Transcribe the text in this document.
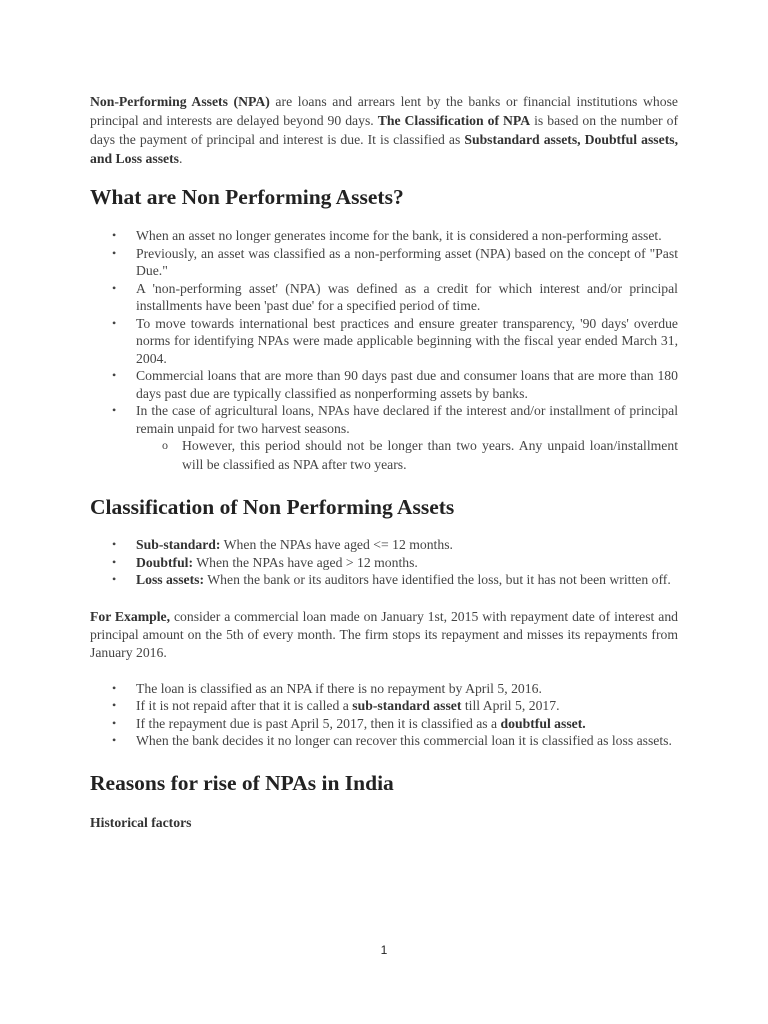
Non-Performing Assets (NPA) are loans and arrears lent by the banks or financial institutions whose principal and interests are delayed beyond 90 days. The Classification of NPA is based on the number of days the payment of principal and interest is due. It is classified as Substandard assets, Doubtful assets, and Loss assets.

What are Non Performing Assets?
• When an asset no longer generates income for the bank, it is considered a non-performing asset.
• Previously, an asset was classified as a non-performing asset (NPA) based on the concept of "Past Due."
• A 'non-performing asset' (NPA) was defined as a credit for which interest and/or principal installments have been 'past due' for a specified period of time.
• To move towards international best practices and ensure greater transparency, '90 days' overdue norms for identifying NPAs were made applicable beginning with the fiscal year ended March 31, 2004.
• Commercial loans that are more than 90 days past due and consumer loans that are more than 180 days past due are typically classified as nonperforming assets by banks.
• In the case of agricultural loans, NPAs have declared if the interest and/or installment of principal remain unpaid for two harvest seasons.
o However, this period should not be longer than two years. Any unpaid loan/installment will be classified as NPA after two years.
Classification of Non Performing Assets
• Sub-standard: When the NPAs have aged <= 12 months.
• Doubtful: When the NPAs have aged > 12 months.
• Loss assets: When the bank or its auditors have identified the loss, but it has not been written off.

For Example, consider a commercial loan made on January 1st, 2015 with repayment date of interest and principal amount on the 5th of every month. The firm stops its repayment and misses its repayments from January 2016.

• The loan is classified as an NPA if there is no repayment by April 5, 2016.
• If it is not repaid after that it is called a sub-standard asset till April 5, 2017.
• If the repayment due is past April 5, 2017, then it is classified as a doubtful asset.
• When the bank decides it no longer can recover this commercial loan it is classified as loss assets.
Reasons for rise of NPAs in India
Historical factors
1
